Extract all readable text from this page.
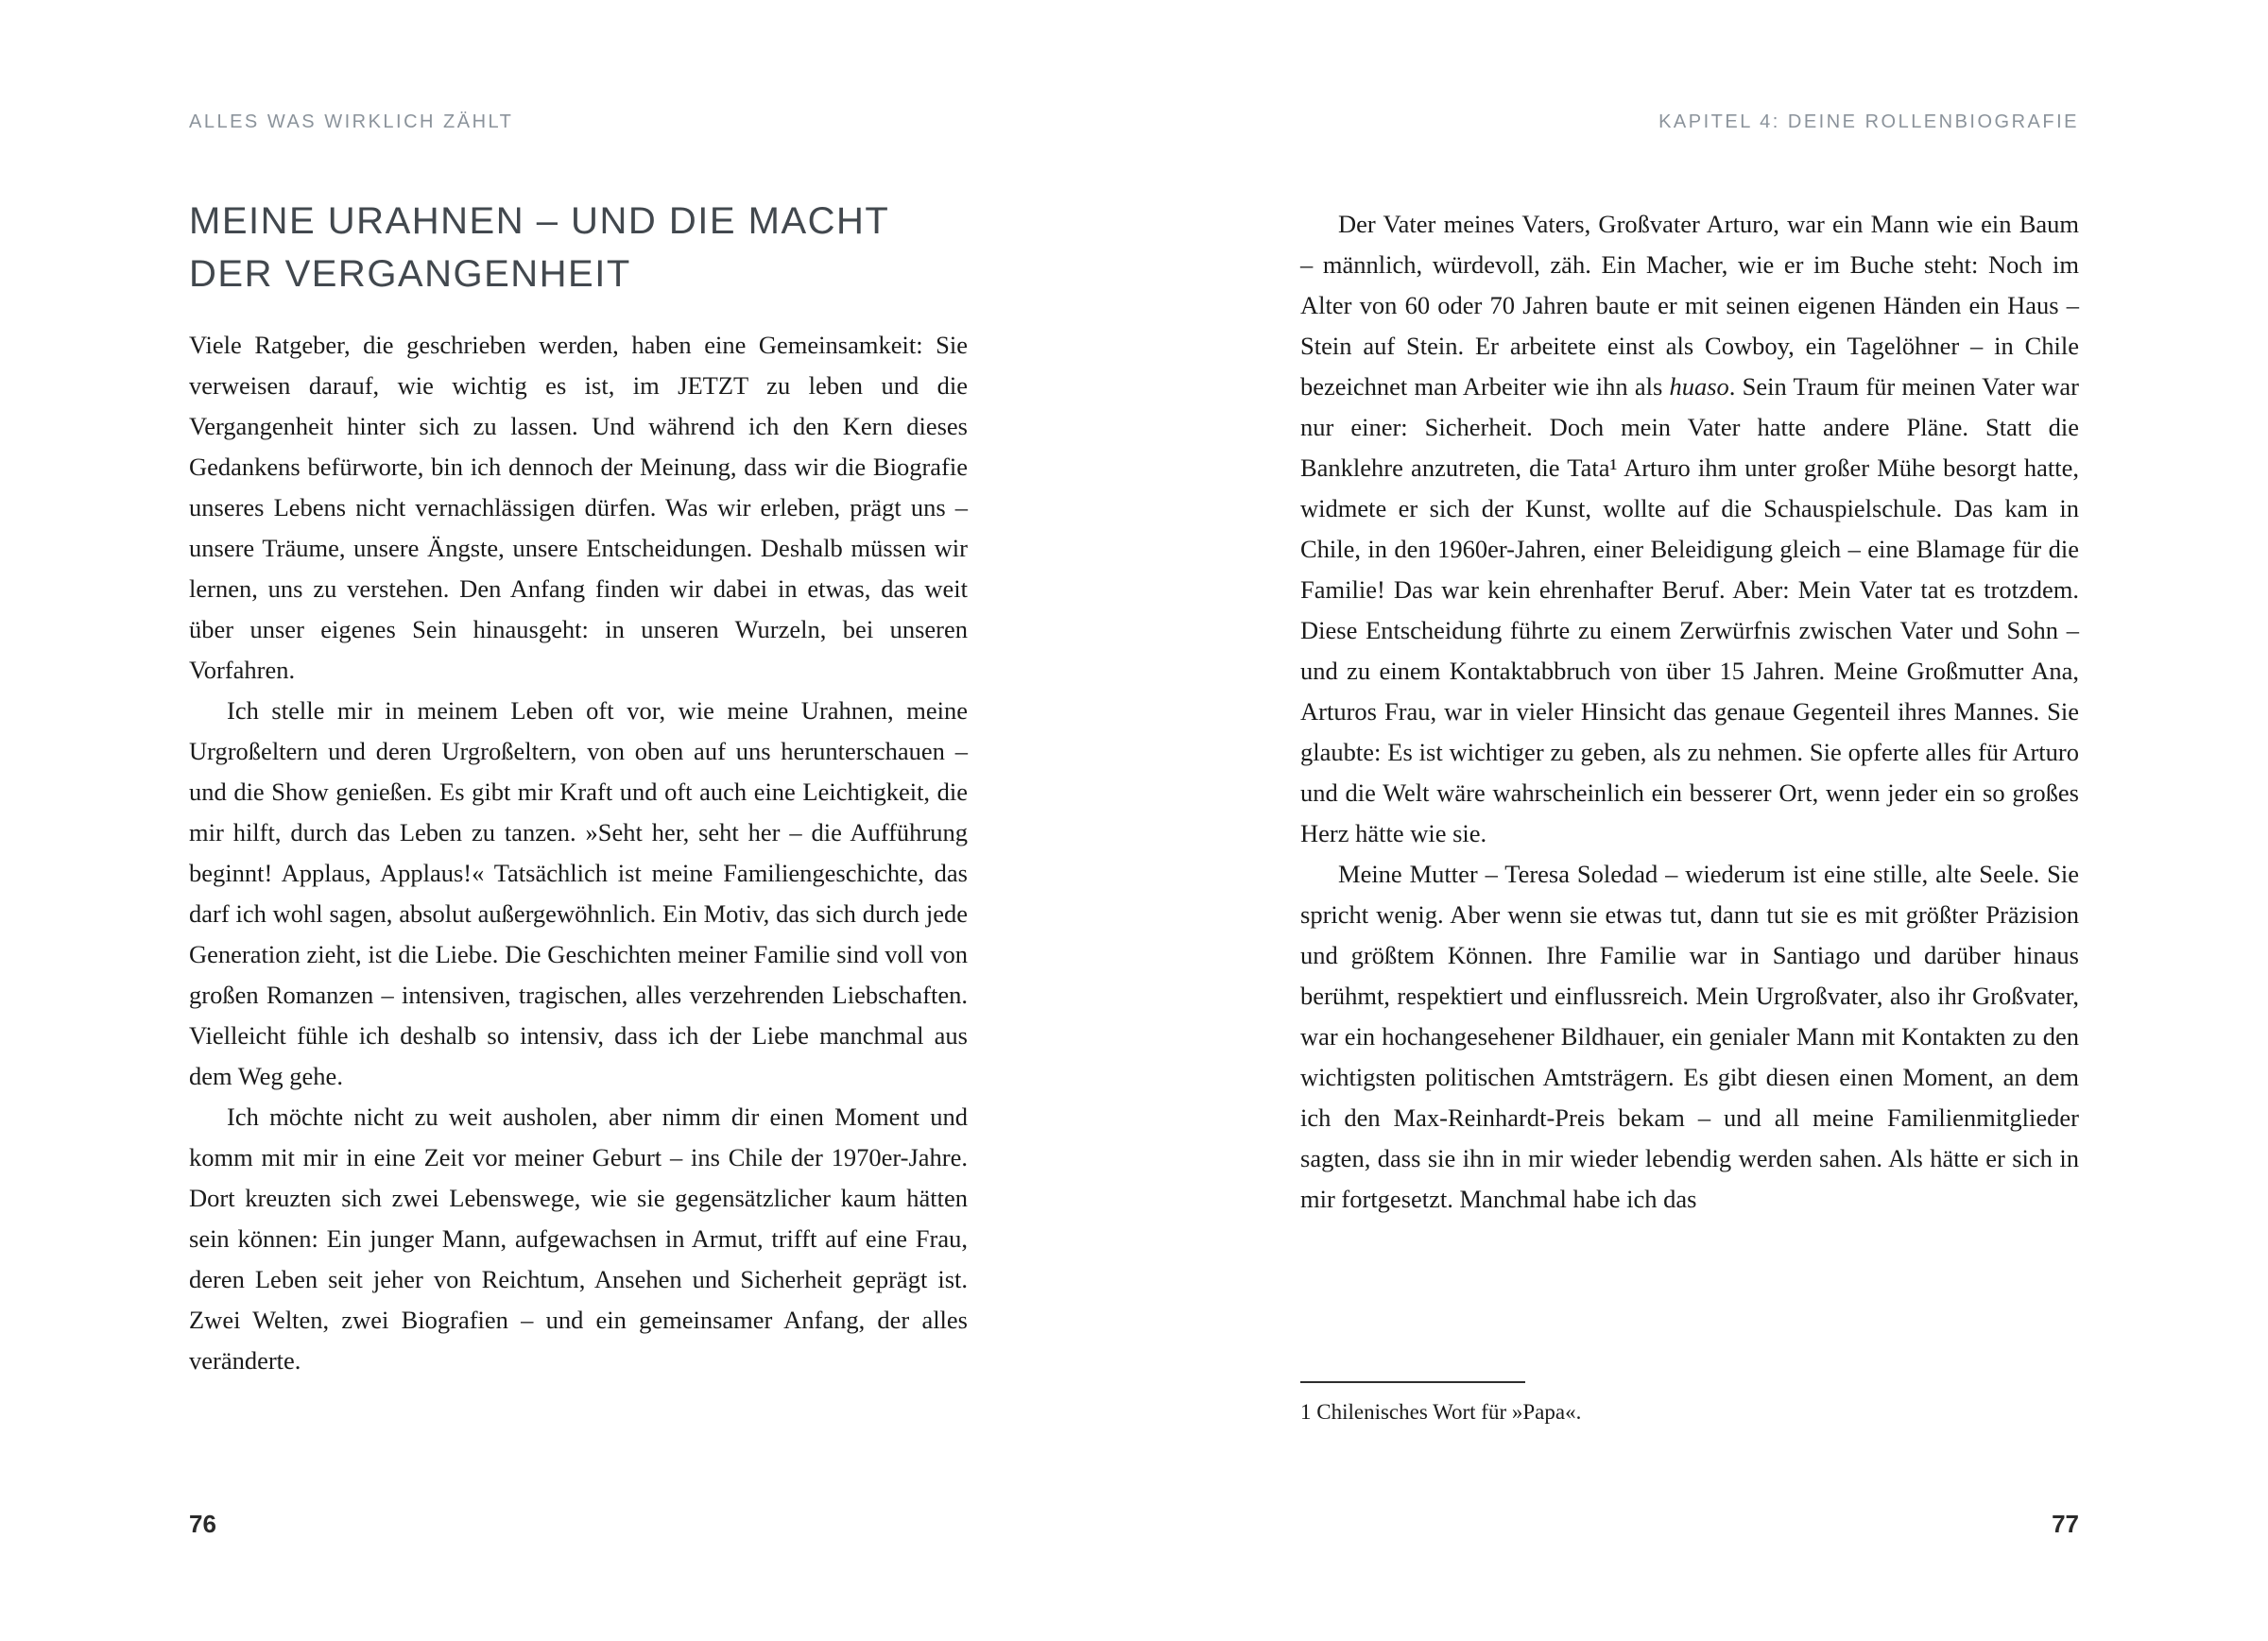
ALLES WAS WIRKLICH ZÄHLT
MEINE URAHNEN – UND DIE MACHT
DER VERGANGENHEIT

Viele Ratgeber, die geschrieben werden, haben eine Gemeinsamkeit: Sie verweisen darauf, wie wichtig es ist, im JETZT zu leben und die Vergangenheit hinter sich zu lassen. Und während ich den Kern dieses Gedankens befürworte, bin ich dennoch der Meinung, dass wir die Biografie unseres Lebens nicht vernachlässigen dürfen. Was wir erleben, prägt uns – unsere Träume, unsere Ängste, unsere Entscheidungen. Deshalb müssen wir lernen, uns zu verstehen. Den Anfang finden wir dabei in etwas, das weit über unser eigenes Sein hinausgeht: in unseren Wurzeln, bei unseren Vorfahren.

Ich stelle mir in meinem Leben oft vor, wie meine Urahnen, meine Urgroßeltern und deren Urgroßeltern, von oben auf uns herunterschauen – und die Show genießen. Es gibt mir Kraft und oft auch eine Leichtigkeit, die mir hilft, durch das Leben zu tanzen. »Seht her, seht her – die Aufführung beginnt! Applaus, Applaus!« Tatsächlich ist meine Familiengeschichte, das darf ich wohl sagen, absolut außergewöhnlich. Ein Motiv, das sich durch jede Generation zieht, ist die Liebe. Die Geschichten meiner Familie sind voll von großen Romanzen – intensiven, tragischen, alles verzehrenden Liebschaften. Vielleicht fühle ich deshalb so intensiv, dass ich der Liebe manchmal aus dem Weg gehe.

Ich möchte nicht zu weit ausholen, aber nimm dir einen Moment und komm mit mir in eine Zeit vor meiner Geburt – ins Chile der 1970er-Jahre. Dort kreuzten sich zwei Lebenswege, wie sie gegensätzlicher kaum hätten sein können: Ein junger Mann, aufgewachsen in Armut, trifft auf eine Frau, deren Leben seit jeher von Reichtum, Ansehen und Sicherheit geprägt ist. Zwei Welten, zwei Biografien – und ein gemeinsamer Anfang, der alles veränderte.

76
KAPITEL 4: DEINE ROLLENBIOGRAFIE

Der Vater meines Vaters, Großvater Arturo, war ein Mann wie ein Baum – männlich, würdevoll, zäh. Ein Macher, wie er im Buche steht: Noch im Alter von 60 oder 70 Jahren baute er mit seinen eigenen Händen ein Haus – Stein auf Stein. Er arbeitete einst als Cowboy, ein Tagelöhner – in Chile bezeichnet man Arbeiter wie ihn als huaso. Sein Traum für meinen Vater war nur einer: Sicherheit. Doch mein Vater hatte andere Pläne. Statt die Banklehre anzutreten, die Tata¹ Arturo ihm unter großer Mühe besorgt hatte, widmete er sich der Kunst, wollte auf die Schauspielschule. Das kam in Chile, in den 1960er-Jahren, einer Beleidigung gleich – eine Blamage für die Familie! Das war kein ehrenhafter Beruf. Aber: Mein Vater tat es trotzdem. Diese Entscheidung führte zu einem Zerwürfnis zwischen Vater und Sohn – und zu einem Kontaktabbruch von über 15 Jahren. Meine Großmutter Ana, Arturos Frau, war in vieler Hinsicht das genaue Gegenteil ihres Mannes. Sie glaubte: Es ist wichtiger zu geben, als zu nehmen. Sie opferte alles für Arturo und die Welt wäre wahrscheinlich ein besserer Ort, wenn jeder ein so großes Herz hätte wie sie.

Meine Mutter – Teresa Soledad – wiederum ist eine stille, alte Seele. Sie spricht wenig. Aber wenn sie etwas tut, dann tut sie es mit größter Präzision und größtem Können. Ihre Familie war in Santiago und darüber hinaus berühmt, respektiert und einflussreich. Mein Urgroßvater, also ihr Großvater, war ein hochangesehener Bildhauer, ein genialer Mann mit Kontakten zu den wichtigsten politischen Amtsträgern. Es gibt diesen einen Moment, an dem ich den Max-Reinhardt-Preis bekam – und all meine Familienmitglieder sagten, dass sie ihn in mir wieder lebendig werden sahen. Als hätte er sich in mir fortgesetzt. Manchmal habe ich das

1 Chilenisches Wort für »Papa«.
77
